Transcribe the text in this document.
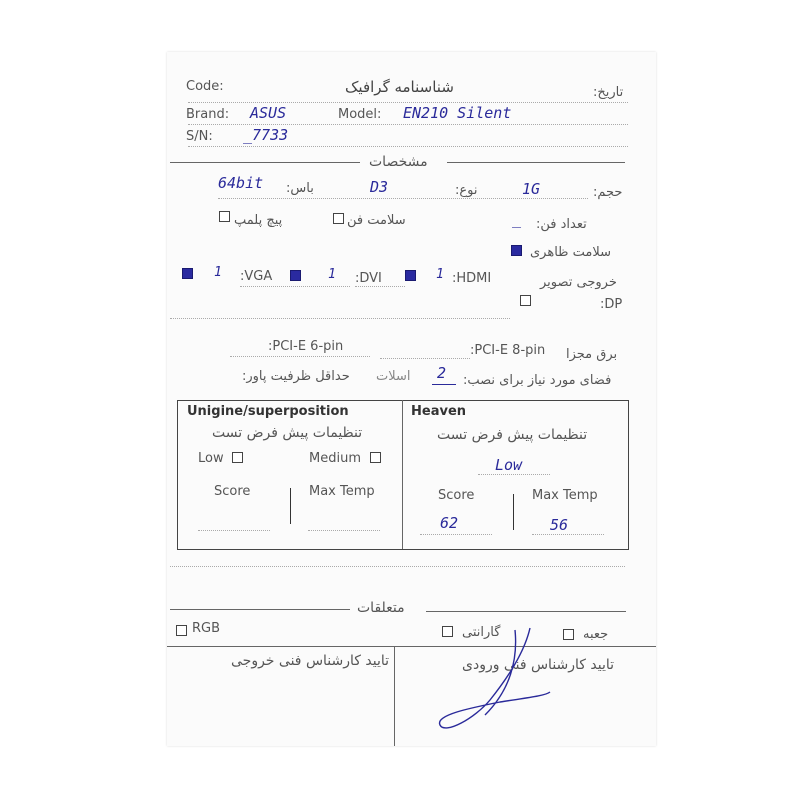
تاریخ:
شناسنامه گرافیک
Code:
Brand: ASUS	Model: EN210 Silent
S/N: _7733
مشخصات
حجم:
1G
نوع:
D3
باس:
64bit
تعداد فن:
_
سلامت فن
پیچ پلمپ
سلامت ظاهری
خروجی تصویر
:HDMI
1
:DVI
1
:VGA
1
:DP
برق مجزا
:PCI-E 8-pin
:PCI-E 6-pin
فضای مورد نیاز برای نصب:
2
اسلات
حداقل ظرفیت پاور:
Unigine/superposition
تنظیمات پیش فرض تست
Low	Medium
Score	Max Temp
Heaven
تنظیمات پیش فرض تست
Low
Score	Max Temp
62	56
متعلقات
جعبه
گارانتی
RGB
تایید کارشناس فنی ورودی
تایید کارشناس فنی خروجی
